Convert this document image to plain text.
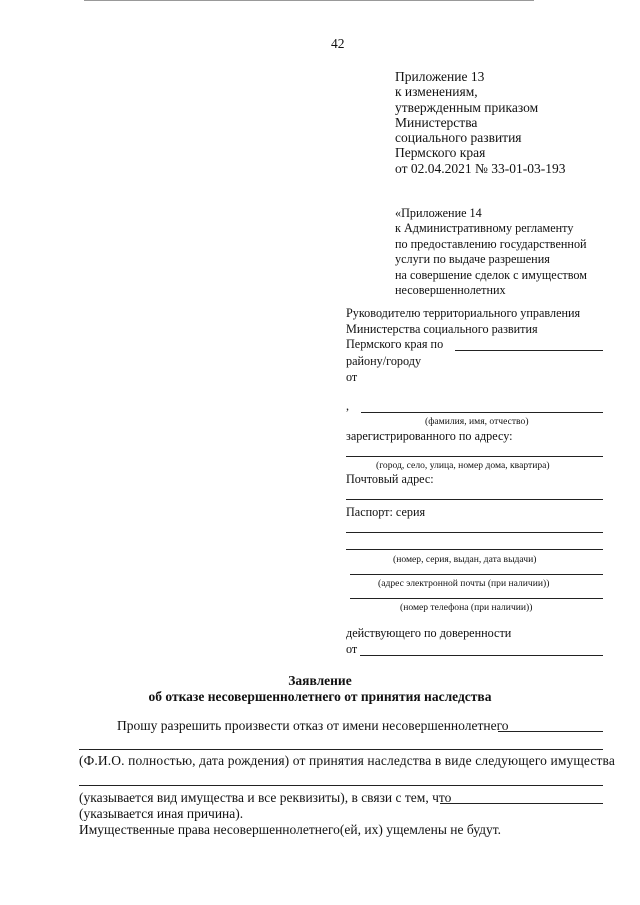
42
Приложение 13
к изменениям,
утвержденным приказом
Министерства
социального развития
Пермского края
от 02.04.2021 № 33-01-03-193
«Приложение 14
к Административному регламенту
по предоставлению государственной
услуги по выдаче разрешения
на совершение сделок с имуществом
несовершеннолетних
Руководителю территориального управления
Министерства социального развития
Пермского края по
району/городу
от
,
(фамилия, имя, отчество)
зарегистрированного по адресу:
(город, село, улица, номер дома, квартира)
Почтовый адрес:
Паспорт: серия
(номер, серия, выдан, дата выдачи)
(адрес электронной почты (при наличии))
(номер телефона (при наличии))
действующего по доверенности
от
Заявление
об отказе несовершеннолетнего от принятия наследства
Прошу разрешить произвести отказ от имени несовершеннолетнего
(Ф.И.О. полностью, дата рождения) от принятия наследства в виде следующего имущества
(указывается вид имущества и все реквизиты), в связи с тем, что
(указывается иная причина).
Имущественные права несовершеннолетнего(ей, их) ущемлены не будут.
